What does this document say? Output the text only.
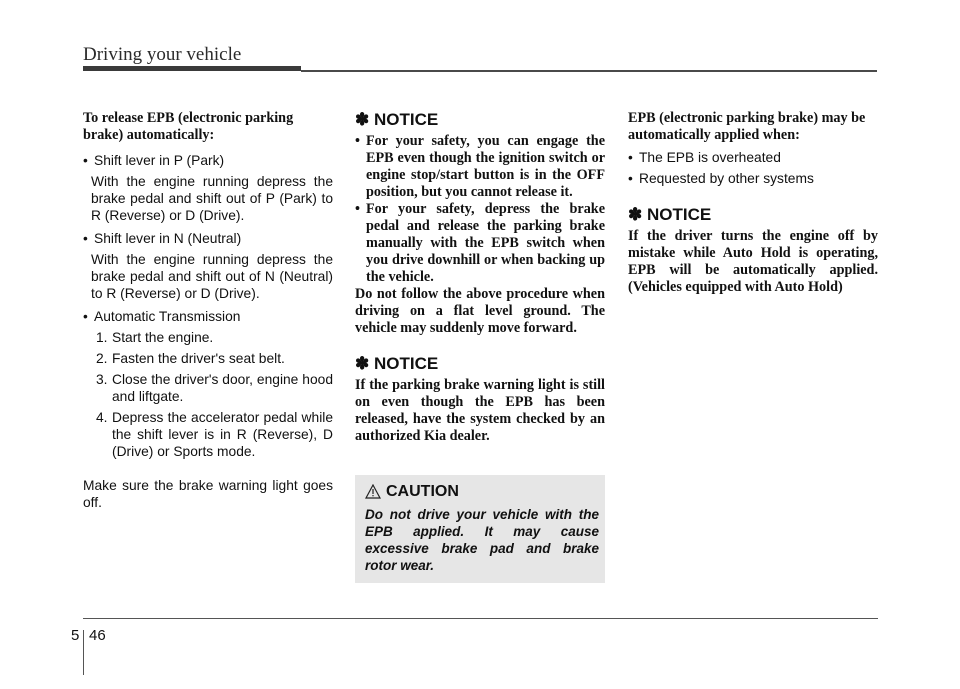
Driving your vehicle

To release EPB (electronic parking brake) automatically:

• Shift lever in P (Park)

With the engine running depress the brake pedal and shift out of P (Park) to R (Reverse) or D (Drive).

• Shift lever in N (Neutral)

With the engine running depress the brake pedal and shift out of N (Neutral) to R (Reverse) or D (Drive).

• Automatic Transmission

1. Start the engine.

2. Fasten the driver's seat belt.

3. Close the driver's door, engine hood and liftgate.

4. Depress the accelerator pedal while the shift lever is in R (Reverse), D (Drive) or Sports mode.

Make sure the brake warning light goes off.

✽ NOTICE

• For your safety, you can engage the EPB even though the ignition switch or engine stop/start button is in the OFF position, but you cannot release it.

• For your safety, depress the brake pedal and release the parking brake manually with the EPB switch when you drive downhill or when backing up the vehicle.

Do not follow the above procedure when driving on a flat level ground. The vehicle may suddenly move forward.

✽ NOTICE

If the parking brake warning light is still on even though the EPB has been released, have the system checked by an authorized Kia dealer.

CAUTION
Do not drive your vehicle with the EPB applied. It may cause excessive brake pad and brake rotor wear.

EPB (electronic parking brake) may be automatically applied when:

• The EPB is overheated

• Requested by other systems

✽ NOTICE

If the driver turns the engine off by mistake while Auto Hold is operating, EPB will be automatically applied. (Vehicles equipped with Auto Hold)

5 46
